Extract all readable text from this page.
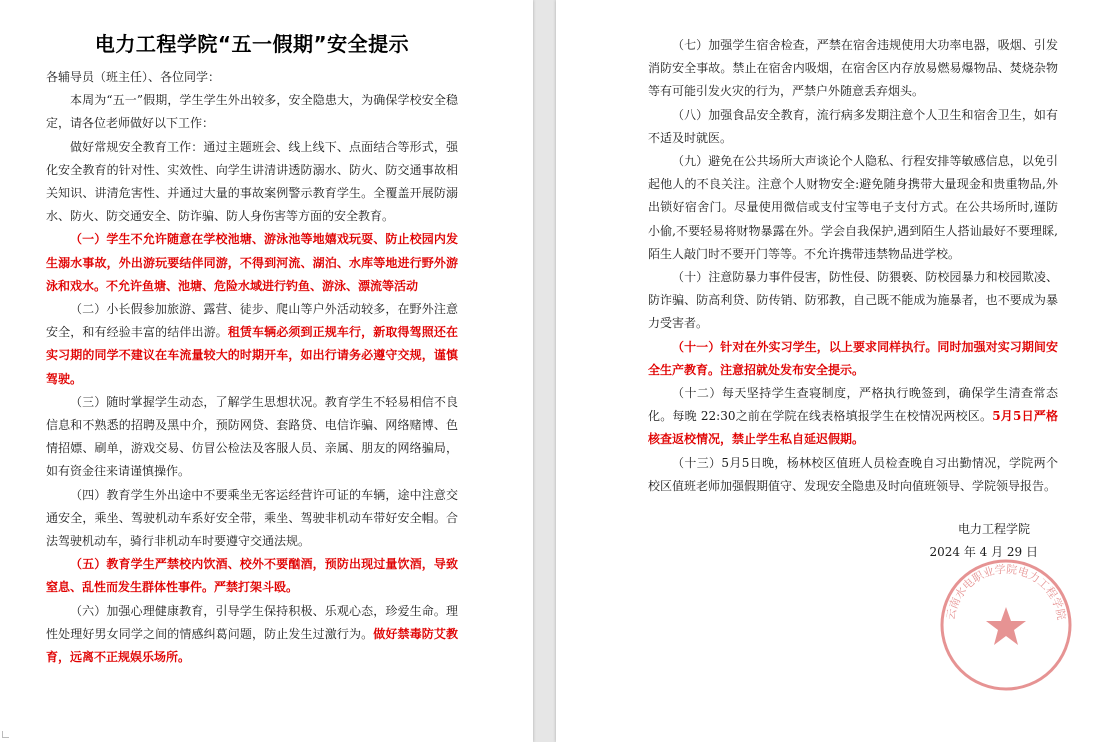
电力工程学院“五一假期”安全提示

各辅导员（班主任）、各位同学：

本周为“五一”假期，学生学生外出较多，安全隐患大，为确保学校安全稳定，请各位老师做好以下工作：

做好常规安全教育工作：通过主题班会、线上线下、点面结合等形式，强化安全教育的针对性、实效性、向学生讲清讲透防溺水、防火、防交通事故相关知识、讲清危害性、并通过大量的事故案例警示教育学生。全覆盖开展防溺水、防火、防交通安全、防诈骗、防人身伤害等方面的安全教育。

（一）学生不允许随意在学校池塘、游泳池等地嬉戏玩耍、防止校园内发生溺水事故，外出游玩要结伴同游，不得到河流、湖泊、水库等地进行野外游泳和戏水。不允许鱼塘、池塘、危险水域进行钓鱼、游泳、漂流等活动

（二）小长假参加旅游、露营、徒步、爬山等户外活动较多，在野外注意安全，和有经验丰富的结伴出游。租赁车辆必须到正规车行，新取得驾照还在实习期的同学不建议在车流量较大的时期开车，如出行请务必遵守交规，谨慎驾驶。

（三）随时掌握学生动态，了解学生思想状况。教育学生不轻易相信不良信息和不熟悉的招聘及黑中介，预防网贷、套路贷、电信诈骗、网络赌博、色情招嫖、刷单，游戏交易、仿冒公检法及客服人员、亲属、朋友的网络骗局，如有资金往来请谨慎操作。

（四）教育学生外出途中不要乘坐无客运经营许可证的车辆，途中注意交通安全，乘坐、驾驶机动车系好安全带，乘坐、驾驶非机动车带好安全帽。合法驾驶机动车，骑行非机动车时要遵守交通法规。

（五）教育学生严禁校内饮酒、校外不要酗酒，预防出现过量饮酒，导致窒息、乱性而发生群体性事件。严禁打架斗殴。

（六）加强心理健康教育，引导学生保持积极、乐观心态，珍爱生命。理性处理好男女同学之间的情感纠葛问题，防止发生过激行为。做好禁毒防艾教育，远离不正规娱乐场所。

（七）加强学生宿舍检查，严禁在宿舍违规使用大功率电器，吸烟、引发消防安全事故。禁止在宿舍内吸烟，在宿舍区内存放易燃易爆物品、焚烧杂物等有可能引发火灾的行为，严禁户外随意丢弃烟头。

（八）加强食品安全教育，流行病多发期注意个人卫生和宿舍卫生，如有不适及时就医。

（九）避免在公共场所大声谈论个人隐私、行程安排等敏感信息，以免引起他人的不良关注。注意个人财物安全:避免随身携带大量现金和贵重物品,外出锁好宿舍门。尽量使用微信或支付宝等电子支付方式。在公共场所时,谨防小偷,不要轻易将财物暴露在外。学会自我保护,遇到陌生人搭讪最好不要理睬,陌生人敲门时不要开门等等。不允许携带违禁物品进学校。

（十）注意防暴力事件侵害，防性侵、防猥亵、防校园暴力和校园欺凌、防诈骗、防高利贷、防传销、防邪教，自己既不能成为施暴者，也不要成为暴力受害者。

（十一）针对在外实习学生，以上要求同样执行。同时加强对实习期间安全生产教育。注意招就处发布安全提示。

（十二）每天坚持学生查寝制度，严格执行晚签到，确保学生清查常态化。每晚 22:30之前在学院在线表格填报学生在校情况两校区。5月5日严格核查返校情况，禁止学生私自延迟假期。

（十三）5月5日晚，杨林校区值班人员检查晚自习出勤情况，学院两个校区值班老师加强假期值守、发现安全隐患及时向值班领导、学院领导报告。

电力工程学院

2024 年 4 月 29 日

云南水电职业学院电力工程学院
